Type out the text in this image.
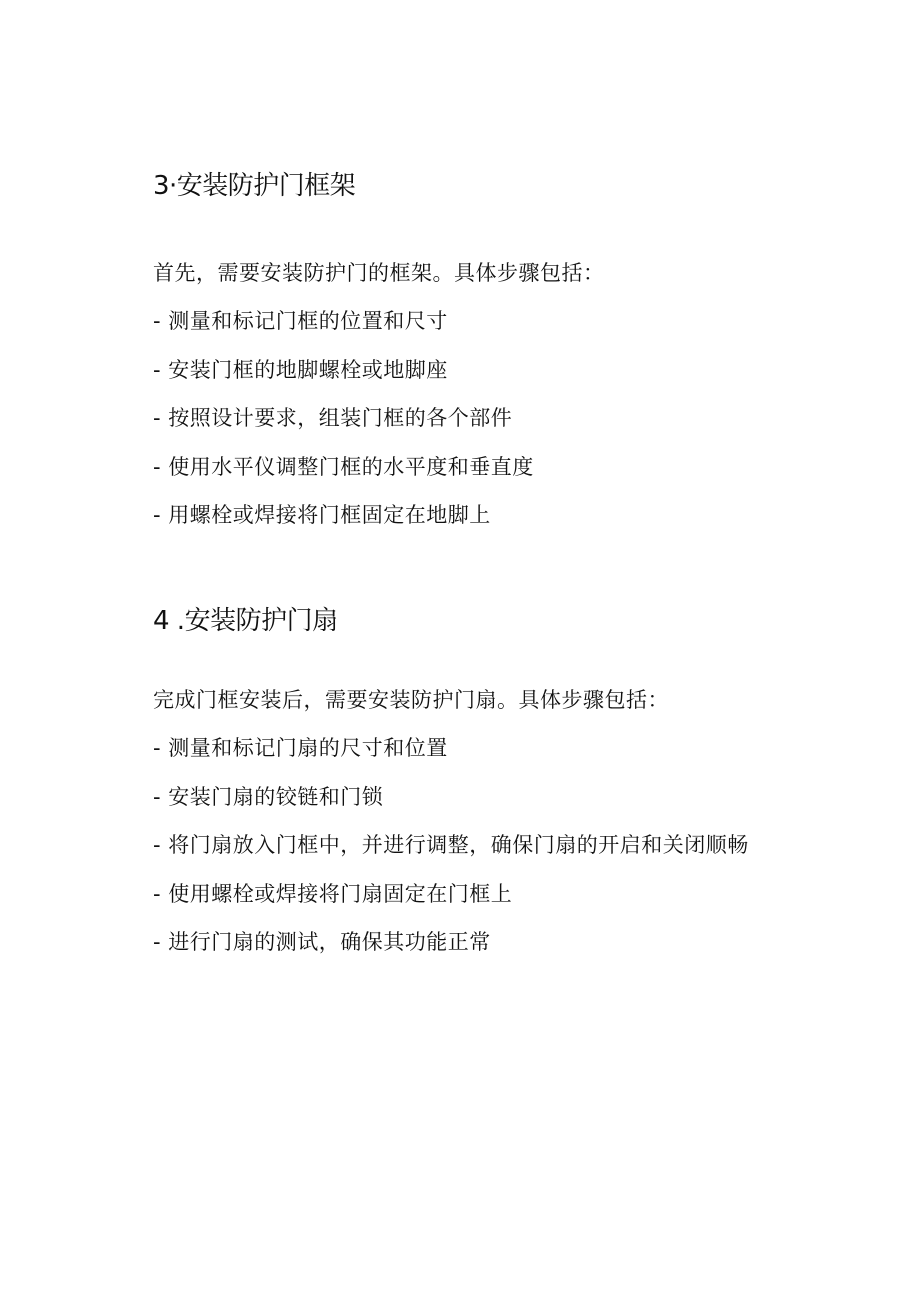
3·安装防护门框架

首先，需要安装防护门的框架。具体步骤包括：

- 测量和标记门框的位置和尺寸
- 安装门框的地脚螺栓或地脚座
- 按照设计要求，组装门框的各个部件
- 使用水平仪调整门框的水平度和垂直度
- 用螺栓或焊接将门框固定在地脚上
4 .安装防护门扇

完成门框安装后，需要安装防护门扇。具体步骤包括：

- 测量和标记门扇的尺寸和位置
- 安装门扇的铰链和门锁
- 将门扇放入门框中，并进行调整，确保门扇的开启和关闭顺畅
- 使用螺栓或焊接将门扇固定在门框上
- 进行门扇的测试，确保其功能正常
